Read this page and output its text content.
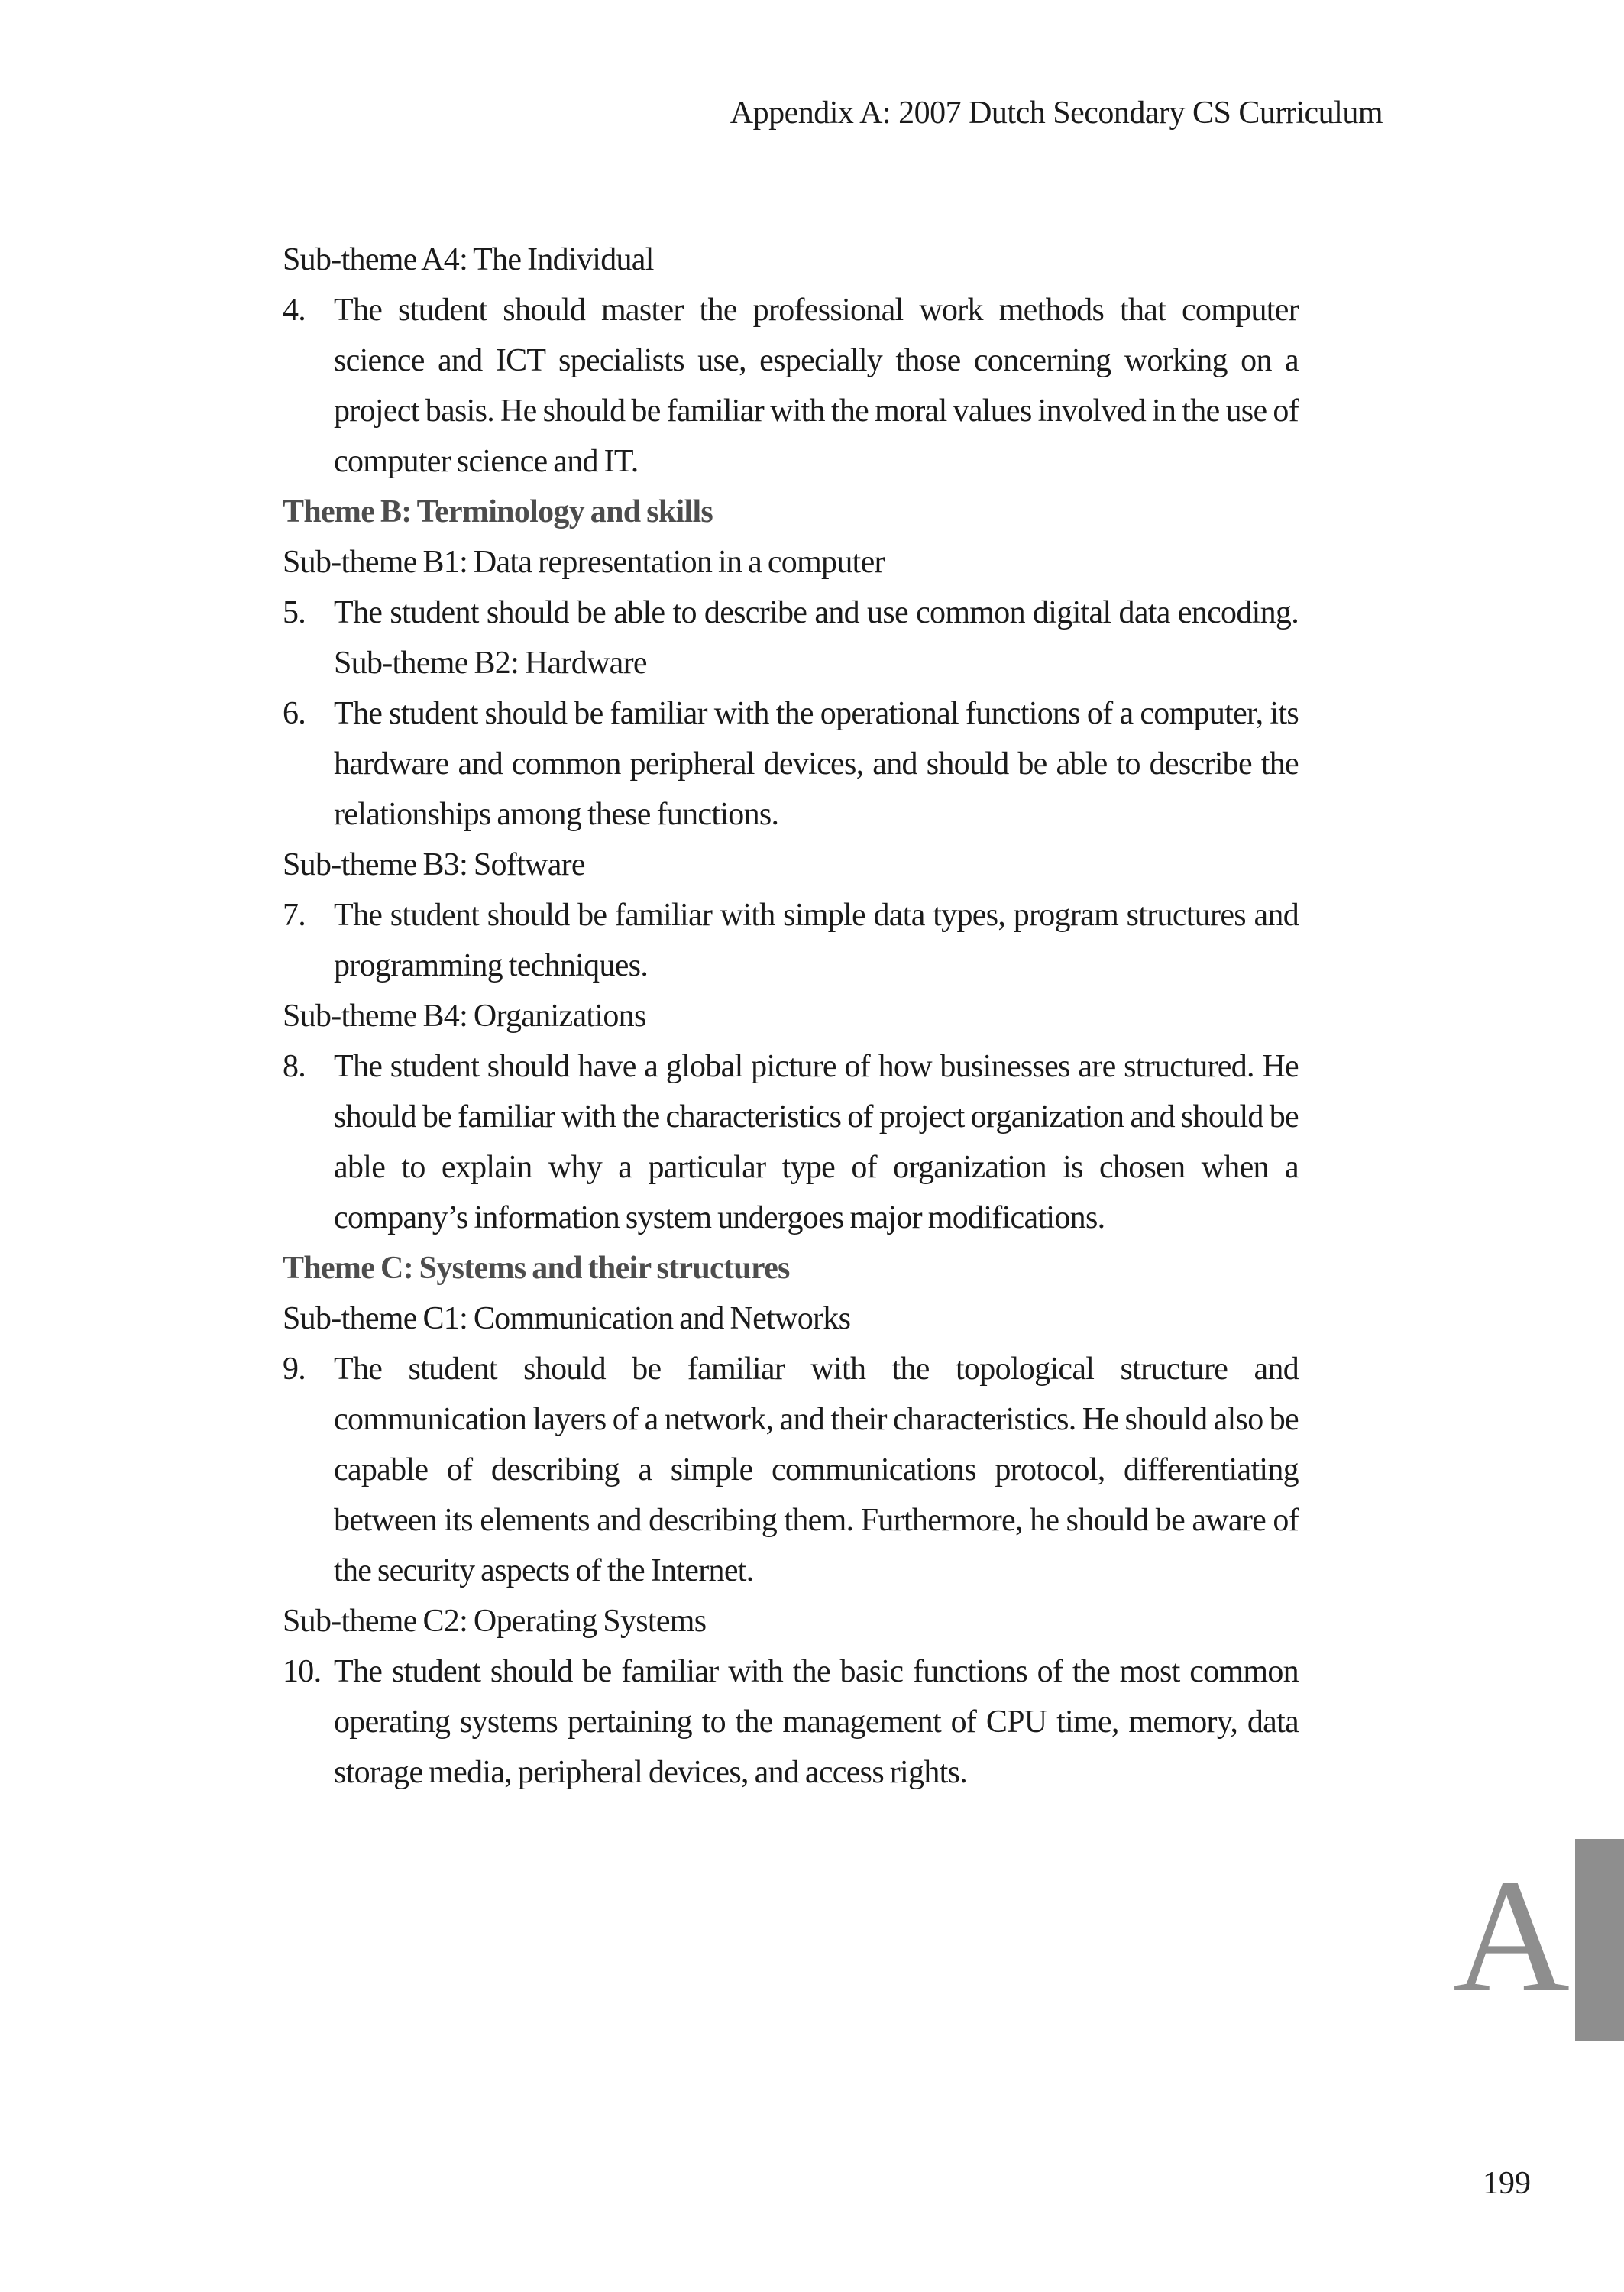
Appendix A: 2007 Dutch Secondary CS Curriculum
Sub-theme A4: The Individual
4. The student should master the professional work methods that computer science and ICT specialists use, especially those concerning working on a project basis. He should be familiar with the moral values involved in the use of computer science and IT.
Theme B: Terminology and skills
Sub-theme B1: Data representation in a computer
5. The student should be able to describe and use common digital data encoding. Sub-theme B2: Hardware
6. The student should be familiar with the operational functions of a computer, its hardware and common peripheral devices, and should be able to describe the relationships among these functions.
Sub-theme B3: Software
7. The student should be familiar with simple data types, program structures and programming techniques.
Sub-theme B4: Organizations
8. The student should have a global picture of how businesses are structured. He should be familiar with the characteristics of project organization and should be able to explain why a particular type of organization is chosen when a company’s information system undergoes major modifications.
Theme C: Systems and their structures
Sub-theme C1: Communication and Networks
9. The student should be familiar with the topological structure and communication layers of a network, and their characteristics. He should also be capable of describing a simple communications protocol, differentiating between its elements and describing them. Furthermore, he should be aware of the security aspects of the Internet.
Sub-theme C2: Operating Systems
10. The student should be familiar with the basic functions of the most common operating systems pertaining to the management of CPU time, memory, data storage media, peripheral devices, and access rights.
A
199
